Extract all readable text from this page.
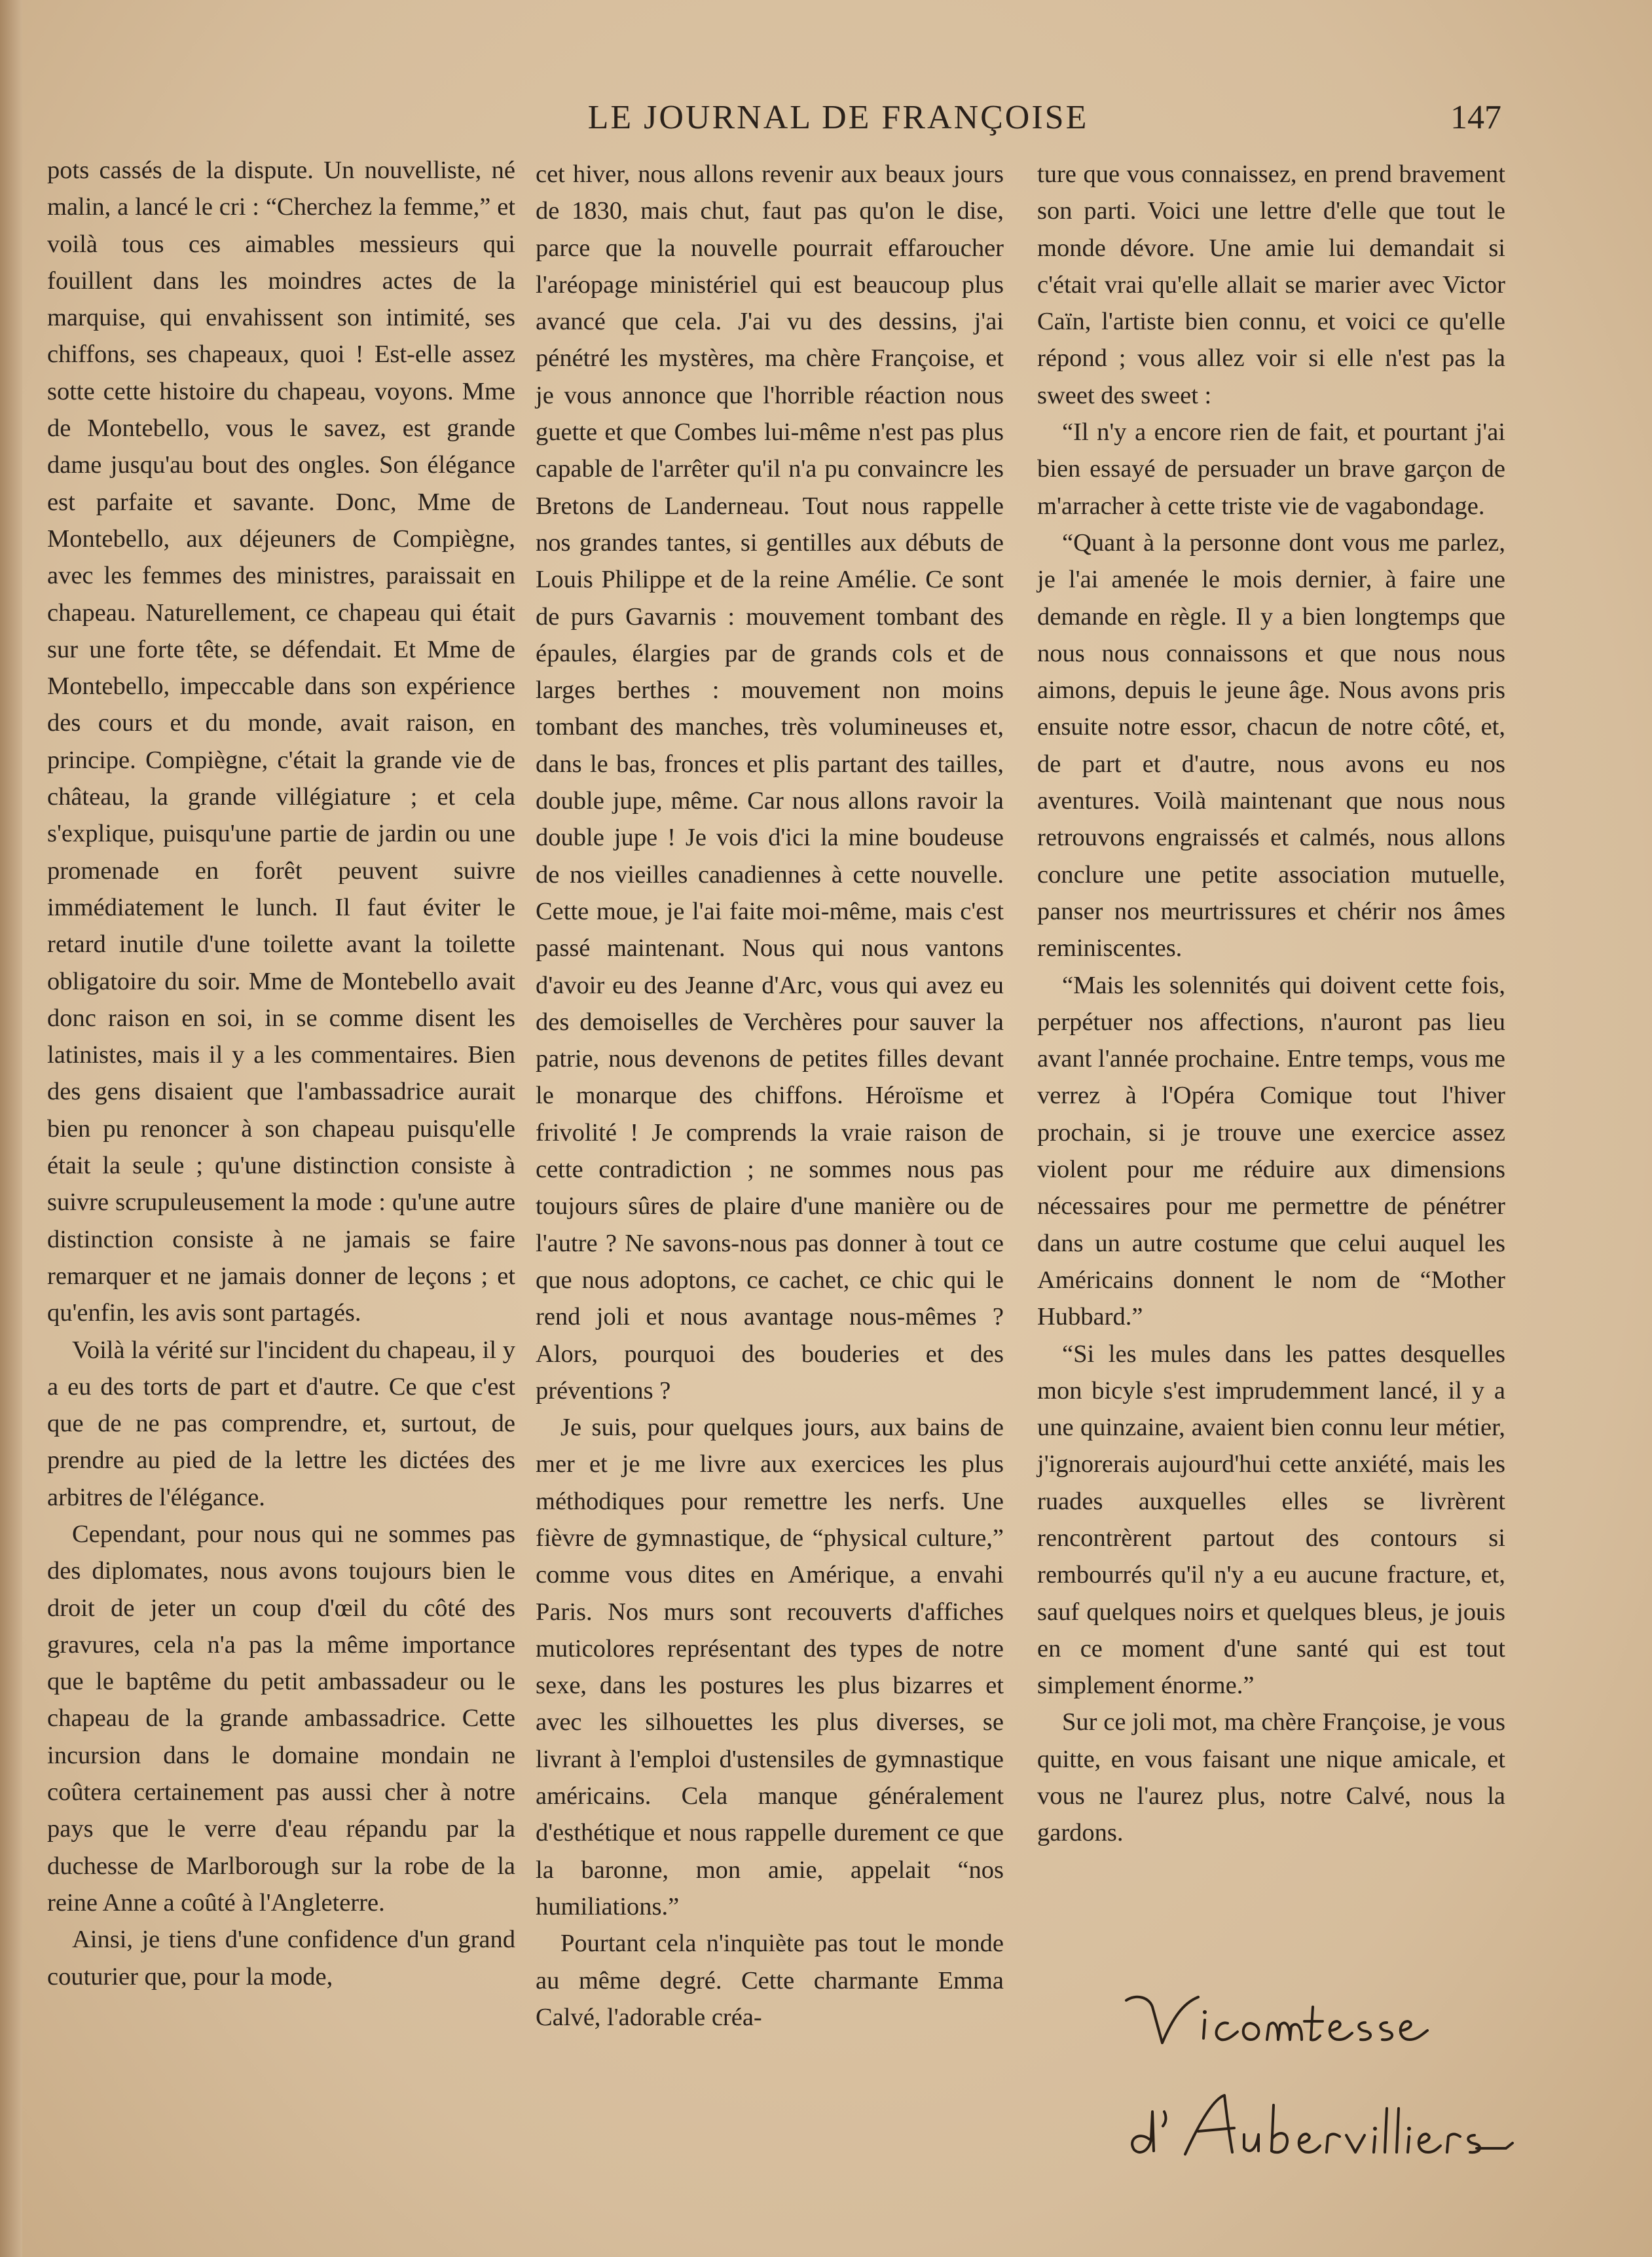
LE JOURNAL DE FRANÇOISE	147

pots cassés de la dispute. Un nouvelliste, né malin, a lancé le cri : “Cherchez la femme,” et voilà tous ces aimables messieurs qui fouillent dans les moindres actes de la marquise, qui envahissent son intimité, ses chiffons, ses chapeaux, quoi ! Est-elle assez sotte cette histoire du chapeau, voyons. Mme de Montebello, vous le savez, est grande dame jusqu'au bout des ongles. Son élégance est parfaite et savante. Donc, Mme de Montebello, aux déjeuners de Compiègne, avec les femmes des ministres, paraissait en chapeau. Naturellement, ce chapeau qui était sur une forte tête, se défendait. Et Mme de Montebello, impeccable dans son expérience des cours et du monde, avait raison, en principe. Compiègne, c'était la grande vie de château, la grande villégiature ; et cela s'explique, puisqu'une partie de jardin ou une promenade en forêt peuvent suivre immédiatement le lunch. Il faut éviter le retard inutile d'une toilette avant la toilette obligatoire du soir. Mme de Montebello avait donc raison en soi, in se comme disent les latinistes, mais il y a les commentaires. Bien des gens disaient que l'ambassadrice aurait bien pu renoncer à son chapeau puisqu'elle était la seule ; qu'une distinction consiste à suivre scrupuleusement la mode : qu'une autre distinction consiste à ne jamais se faire remarquer et ne jamais donner de leçons ; et qu'enfin, les avis sont partagés.

Voilà la vérité sur l'incident du chapeau, il y a eu des torts de part et d'autre. Ce que c'est que de ne pas comprendre, et, surtout, de prendre au pied de la lettre les dictées des arbitres de l'élégance.

Cependant, pour nous qui ne sommes pas des diplomates, nous avons toujours bien le droit de jeter un coup d'œil du côté des gravures, cela n'a pas la même importance que le baptême du petit ambassadeur ou le chapeau de la grande ambassadrice. Cette incursion dans le domaine mondain ne coûtera certainement pas aussi cher à notre pays que le verre d'eau répandu par la duchesse de Marlborough sur la robe de la reine Anne a coûté à l'Angleterre.

Ainsi, je tiens d'une confidence d'un grand couturier que, pour la mode,

cet hiver, nous allons revenir aux beaux jours de 1830, mais chut, faut pas qu'on le dise, parce que la nouvelle pourrait effaroucher l'aréopage ministériel qui est beaucoup plus avancé que cela. J'ai vu des dessins, j'ai pénétré les mystères, ma chère Françoise, et je vous annonce que l'horrible réaction nous guette et que Combes lui-même n'est pas plus capable de l'arrêter qu'il n'a pu convaincre les Bretons de Landerneau. Tout nous rappelle nos grandes tantes, si gentilles aux débuts de Louis Philippe et de la reine Amélie. Ce sont de purs Gavarnis : mouvement tombant des épaules, élargies par de grands cols et de larges berthes : mouvement non moins tombant des manches, très volumineuses et, dans le bas, fronces et plis partant des tailles, double jupe, même. Car nous allons ravoir la double jupe ! Je vois d'ici la mine boudeuse de nos vieilles canadiennes à cette nouvelle. Cette moue, je l'ai faite moi-même, mais c'est passé maintenant. Nous qui nous vantons d'avoir eu des Jeanne d'Arc, vous qui avez eu des demoiselles de Verchères pour sauver la patrie, nous devenons de petites filles devant le monarque des chiffons. Héroïsme et frivolité ! Je comprends la vraie raison de cette contradiction ; ne sommes nous pas toujours sûres de plaire d'une manière ou de l'autre ? Ne savons-nous pas donner à tout ce que nous adoptons, ce cachet, ce chic qui le rend joli et nous avantage nous-mêmes ? Alors, pourquoi des bouderies et des préventions ?

Je suis, pour quelques jours, aux bains de mer et je me livre aux exercices les plus méthodiques pour remettre les nerfs. Une fièvre de gymnastique, de “physical culture,” comme vous dites en Amérique, a envahi Paris. Nos murs sont recouverts d'affiches muticolores représentant des types de notre sexe, dans les postures les plus bizarres et avec les silhouettes les plus diverses, se livrant à l'emploi d'ustensiles de gymnastique américains. Cela manque généralement d'esthétique et nous rappelle durement ce que la baronne, mon amie, appelait “nos humiliations.”

Pourtant cela n'inquiète pas tout le monde au même degré. Cette charmante Emma Calvé, l'adorable créa-

ture que vous connaissez, en prend bravement son parti. Voici une lettre d'elle que tout le monde dévore. Une amie lui demandait si c'était vrai qu'elle allait se marier avec Victor Caïn, l'artiste bien connu, et voici ce qu'elle répond ; vous allez voir si elle n'est pas la sweet des sweet :

“Il n'y a encore rien de fait, et pourtant j'ai bien essayé de persuader un brave garçon de m'arracher à cette triste vie de vagabondage.

“Quant à la personne dont vous me parlez, je l'ai amenée le mois dernier, à faire une demande en règle. Il y a bien longtemps que nous nous connaissons et que nous nous aimons, depuis le jeune âge. Nous avons pris ensuite notre essor, chacun de notre côté, et, de part et d'autre, nous avons eu nos aventures. Voilà maintenant que nous nous retrouvons engraissés et calmés, nous allons conclure une petite association mutuelle, panser nos meurtrissures et chérir nos âmes reminiscentes.

“Mais les solennités qui doivent cette fois, perpétuer nos affections, n'auront pas lieu avant l'année prochaine. Entre temps, vous me verrez à l'Opéra Comique tout l'hiver prochain, si je trouve une exercice assez violent pour me réduire aux dimensions nécessaires pour me permettre de pénétrer dans un autre costume que celui auquel les Américains donnent le nom de “Mother Hubbard.”

“Si les mules dans les pattes desquelles mon bicyle s'est imprudemment lancé, il y a une quinzaine, avaient bien connu leur métier, j'ignorerais aujourd'hui cette anxiété, mais les ruades auxquelles elles se livrèrent rencontrèrent partout des contours si rembourrés qu'il n'y a eu aucune fracture, et, sauf quelques noirs et quelques bleus, je jouis en ce moment d'une santé qui est tout simplement énorme.”

Sur ce joli mot, ma chère Françoise, je vous quitte, en vous faisant une nique amicale, et vous ne l'aurez plus, notre Calvé, nous la gardons.
